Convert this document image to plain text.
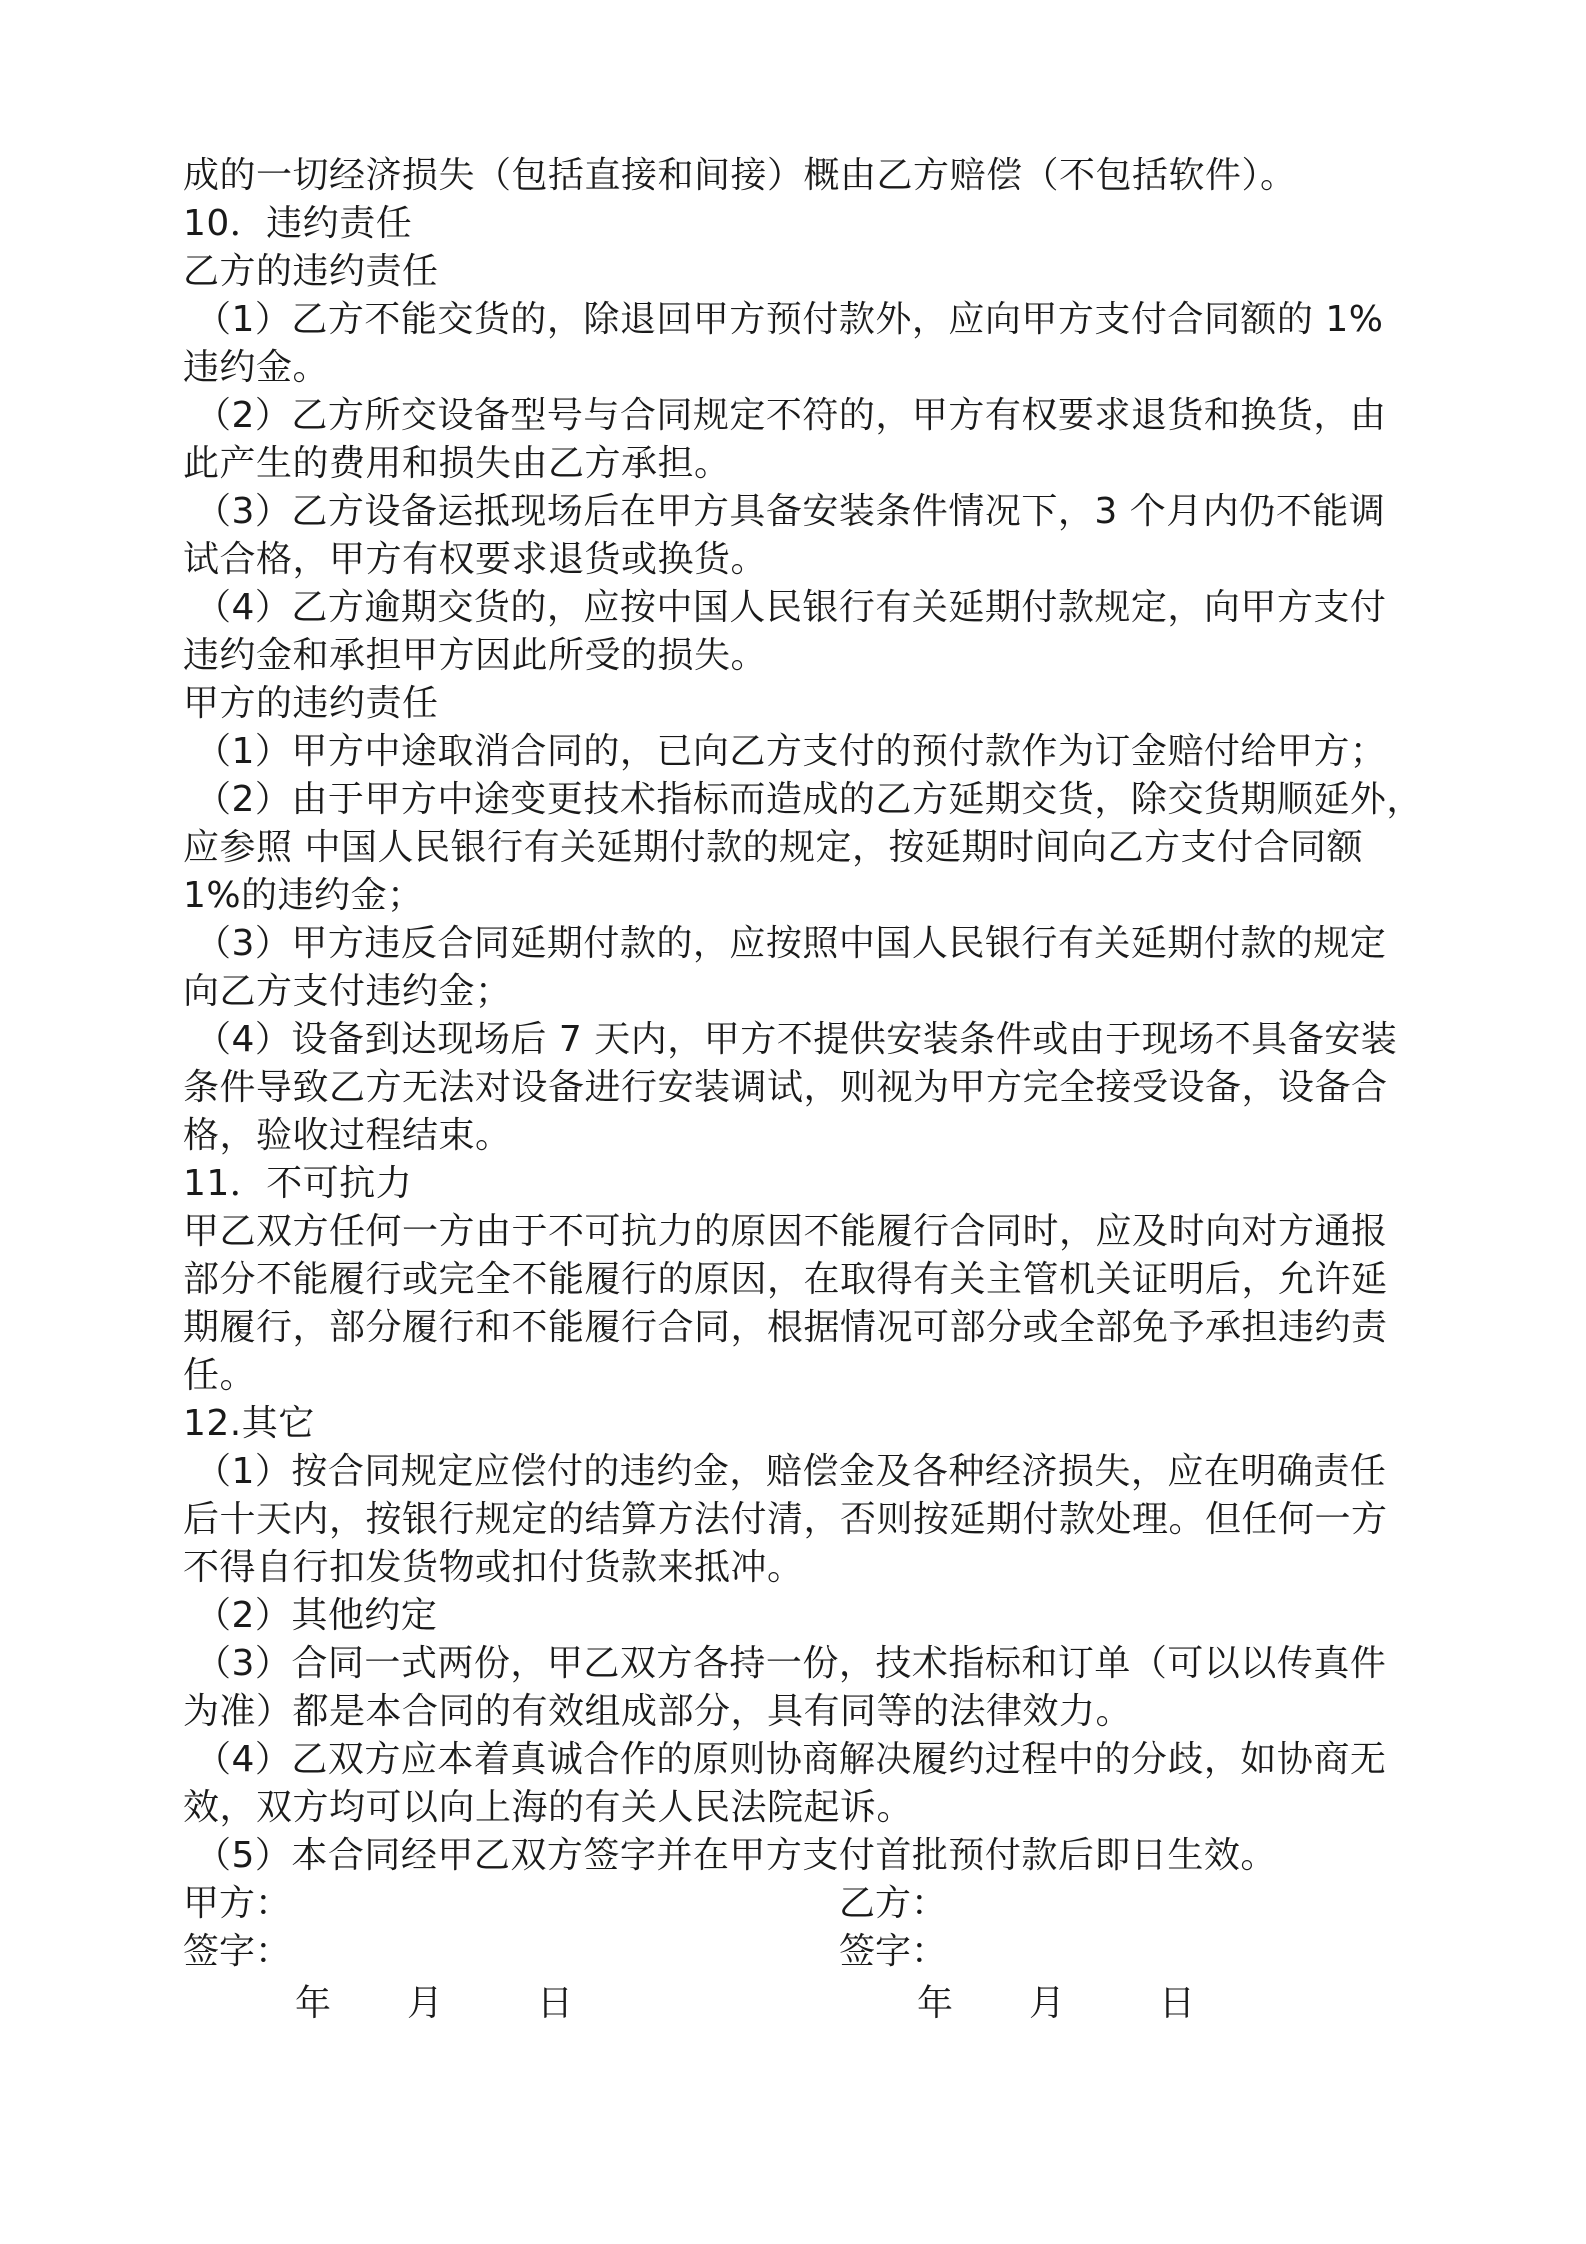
成的一切经济损失（包括直接和间接）概由乙方赔偿（不包括软件）。
10．违约责任
乙方的违约责任
（1）乙方不能交货的，除退回甲方预付款外，应向甲方支付合同额的 1%
违约金。
（2）乙方所交设备型号与合同规定不符的，甲方有权要求退货和换货，由
此产生的费用和损失由乙方承担。
（3）乙方设备运抵现场后在甲方具备安装条件情况下，3 个月内仍不能调
试合格，甲方有权要求退货或换货。
（4）乙方逾期交货的，应按中国人民银行有关延期付款规定，向甲方支付
违约金和承担甲方因此所受的损失。
甲方的违约责任
（1）甲方中途取消合同的，已向乙方支付的预付款作为订金赔付给甲方；
（2）由于甲方中途变更技术指标而造成的乙方延期交货，除交货期顺延外，
应参照 中国人民银行有关延期付款的规定，按延期时间向乙方支付合同额
1%的违约金；
（3）甲方违反合同延期付款的，应按照中国人民银行有关延期付款的规定
向乙方支付违约金；
（4）设备到达现场后 7 天内，甲方不提供安装条件或由于现场不具备安装
条件导致乙方无法对设备进行安装调试，则视为甲方完全接受设备，设备合
格，验收过程结束。
11．不可抗力
甲乙双方任何一方由于不可抗力的原因不能履行合同时，应及时向对方通报
部分不能履行或完全不能履行的原因，在取得有关主管机关证明后，允许延
期履行，部分履行和不能履行合同，根据情况可部分或全部免予承担违约责
任。
12.其它
（1）按合同规定应偿付的违约金，赔偿金及各种经济损失，应在明确责任
后十天内，按银行规定的结算方法付清，否则按延期付款处理。但任何一方
不得自行扣发货物或扣付货款来抵冲。
（2）其他约定
（3）合同一式两份，甲乙双方各持一份，技术指标和订单（可以以传真件
为准）都是本合同的有效组成部分，具有同等的法律效力。
（4）乙双方应本着真诚合作的原则协商解决履约过程中的分歧，如协商无
效，双方均可以向上海的有关人民法院起诉。
（5）本合同经甲乙双方签字并在甲方支付首批预付款后即日生效。
甲方：	乙方：
签字：	签字：
年 月	日	年 月	日
